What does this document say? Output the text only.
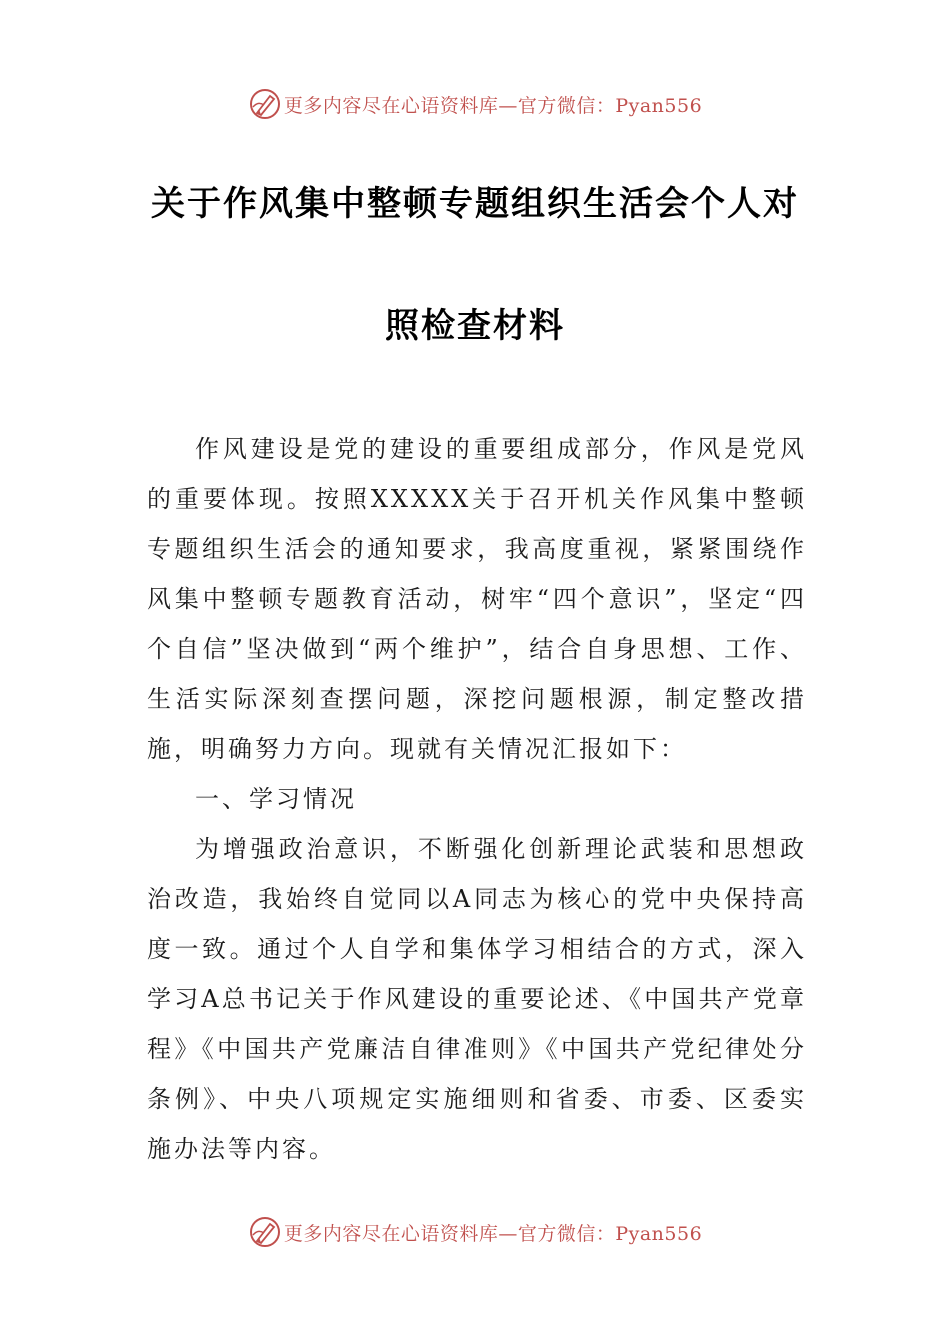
更多内容尽在心语资料库—官方微信：Pyan556
关于作风集中整顿专题组织生活会个人对
照检查材料

作风建设是党的建设的重要组成部分，作风是党风的重要体现。按照XXXXX关于召开机关作风集中整顿专题组织生活会的通知要求，我高度重视，紧紧围绕作风集中整顿专题教育活动，树牢“四个意识”，坚定“四个自信”坚决做到“两个维护”，结合自身思想、工作、生活实际深刻查摆问题，深挖问题根源，制定整改措施，明确努力方向。现就有关情况汇报如下：

一、学习情况

为增强政治意识，不断强化创新理论武装和思想政治改造，我始终自觉同以A同志为核心的党中央保持高度一致。通过个人自学和集体学习相结合的方式，深入学习A总书记关于作风建设的重要论述、《中国共产党章程》《中国共产党廉洁自律准则》《中国共产党纪律处分条例》、中央八项规定实施细则和省委、市委、区委实施办法等内容。

更多内容尽在心语资料库—官方微信：Pyan556
